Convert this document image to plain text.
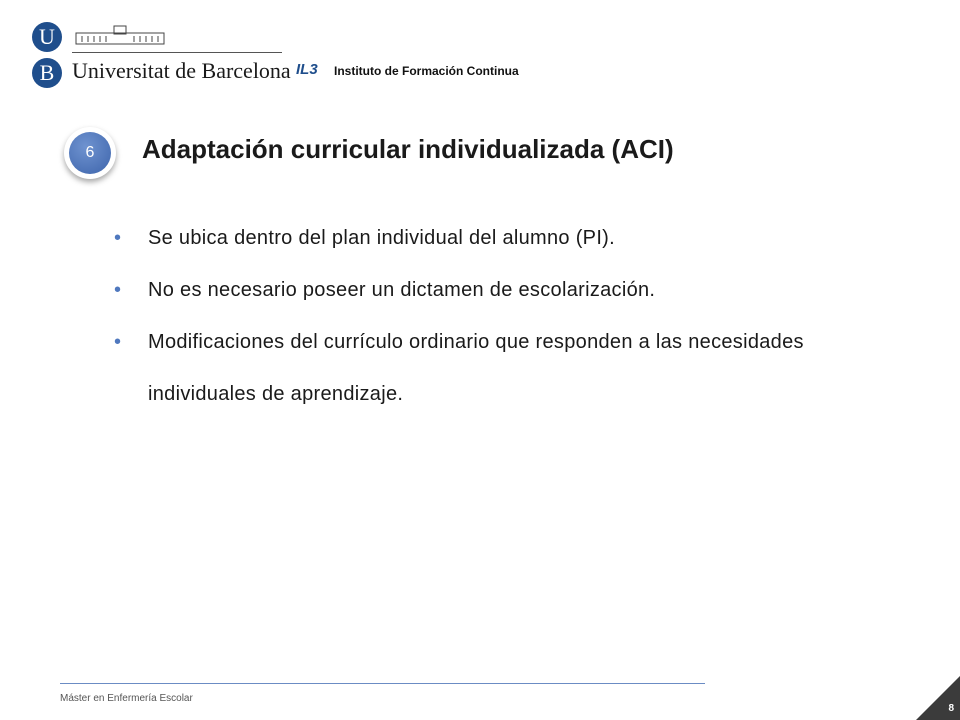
U
B Universitat de Barcelona IL3 Instituto de Formación Continua
6	Adaptación curricular individualizada (ACI)
• Se ubica dentro del plan individual del alumno (PI).
• No es necesario poseer un dictamen de escolarización.
• Modificaciones del currículo ordinario que responden a las necesidades individuales de aprendizaje.
Máster en Enfermería Escolar
8
